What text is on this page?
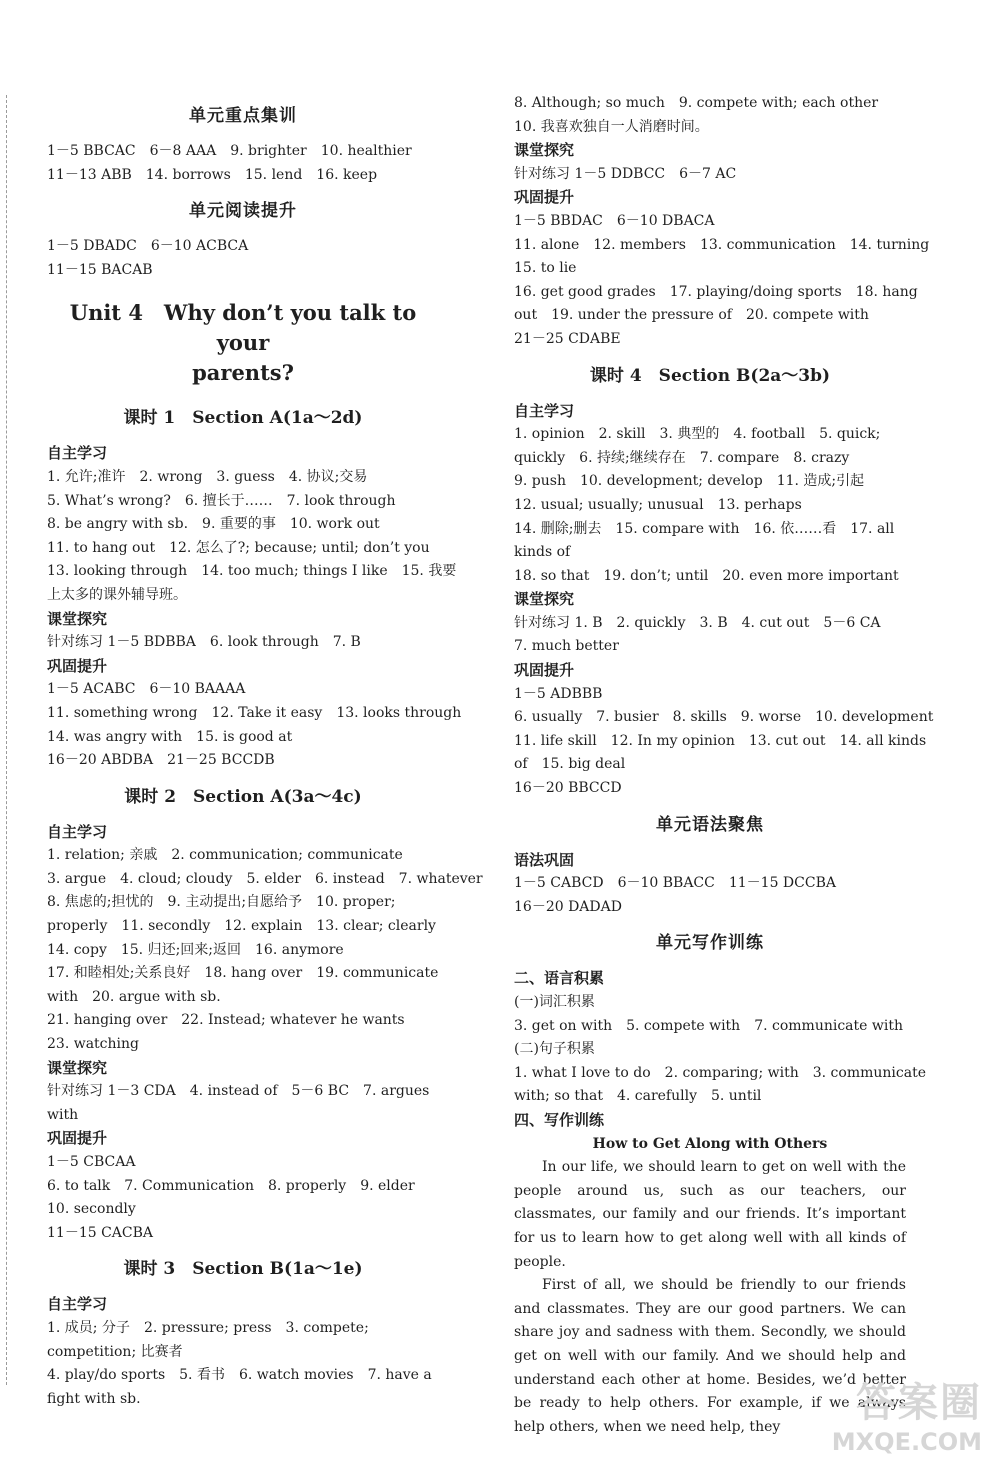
单元重点集训
1－5 BBCAC　6－8 AAA　9. brighter　10. healthier
11－13 ABB　14. borrows　15. lend　16. keep
单元阅读提升
1－5 DBADC　6－10 ACBCA
11－15 BACAB
Unit 4　Why don’t you talk to your
parents?
课时 1　Section A(1a～2d)
自主学习
1. 允许;准许　2. wrong　3. guess　4. 协议;交易
5. What’s wrong?　6. 擅长于……　7. look through
8. be angry with sb.　9. 重要的事　10. work out
11. to hang out　12. 怎么了?; because; until; don’t you
13. looking through　14. too much; things I like　15. 我要
上太多的课外辅导班。
课堂探究
针对练习 1－5 BDBBA　6. look through　7. B
巩固提升
1－5 ACABC　6－10 BAAAA
11. something wrong　12. Take it easy　13. looks through
14. was angry with　15. is good at
16－20 ABDBA　21－25 BCCDB
课时 2　Section A(3a～4c)
自主学习
1. relation; 亲戚　2. communication; communicate
3. argue　4. cloud; cloudy　5. elder　6. instead　7. whatever
8. 焦虑的;担忧的　9. 主动提出;自愿给予　10. proper;
properly　11. secondly　12. explain　13. clear; clearly
14. copy　15. 归还;回来;返回　16. anymore
17. 和睦相处;关系良好　18. hang over　19. communicate
with　20. argue with sb.
21. hanging over　22. Instead; whatever he wants
23. watching
课堂探究
针对练习 1－3 CDA　4. instead of　5－6 BC　7. argues
with
巩固提升
1－5 CBCAA
6. to talk　7. Communication　8. properly　9. elder
10. secondly
11－15 CACBA
课时 3　Section B(1a～1e)
自主学习
1. 成员; 分子　2. pressure; press　3. compete;
competition; 比赛者
4. play/do sports　5. 看书　6. watch movies　7. have a
fight with sb.
8. Although; so much　9. compete with; each other
10. 我喜欢独自一人消磨时间。
课堂探究
针对练习 1－5 DDBCC　6－7 AC
巩固提升
1－5 BBDAC　6－10 DBACA
11. alone　12. members　13. communication　14. turning
15. to lie
16. get good grades　17. playing/doing sports　18. hang
out　19. under the pressure of　20. compete with
21－25 CDABE
课时 4　Section B(2a～3b)
自主学习
1. opinion　2. skill　3. 典型的　4. football　5. quick;
quickly　6. 持续;继续存在　7. compare　8. crazy
9. push　10. development; develop　11. 造成;引起
12. usual; usually; unusual　13. perhaps
14. 删除;删去　15. compare with　16. 依……看　17. all
kinds of
18. so that　19. don’t; until　20. even more important
课堂探究
针对练习 1. B　2. quickly　3. B　4. cut out　5－6 CA
7. much better
巩固提升
1－5 ADBBB
6. usually　7. busier　8. skills　9. worse　10. development
11. life skill　12. In my opinion　13. cut out　14. all kinds
of　15. big deal
16－20 BBCCD
单元语法聚焦
语法巩固
1－5 CABCD　6－10 BBACC　11－15 DCCBA
16－20 DADAD
单元写作训练
二、语言积累
(一)词汇积累
3. get on with　5. compete with　7. communicate with
(二)句子积累
1. what I love to do　2. comparing; with　3. communicate
with; so that　4. carefully　5. until
四、写作训练
How to Get Along with Others
In our life, we should learn to get on well with the people around us, such as our teachers, our classmates, our family and our friends. It’s important for us to learn how to get along well with all kinds of people.
First of all, we should be friendly to our friends and classmates. They are our good partners. We can share joy and sadness with them. Secondly, we should get on well with our family. And we should help and understand each other at home. Besides, we’d better be ready to help others. For example, if we always help others, when we need help, they
答案圈
MXQE.COM
